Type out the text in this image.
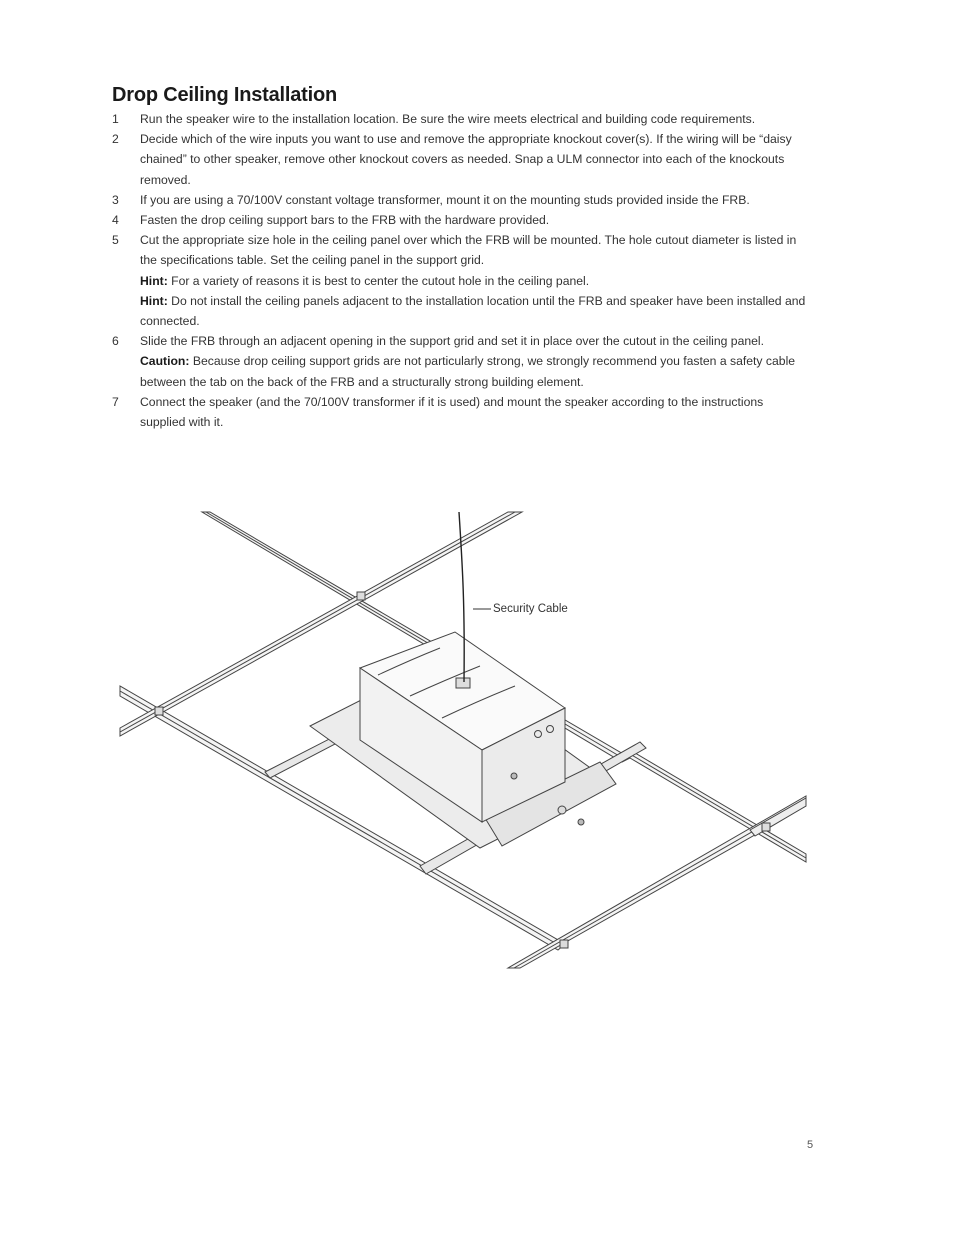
Drop Ceiling Installation
1	Run the speaker wire to the installation location. Be sure the wire meets electrical and building code requirements.
2	Decide which of the wire inputs you want to use and remove the appropriate knockout cover(s). If the wiring will be “daisy chained” to other speaker, remove other knockout covers as needed. Snap a ULM connector into each of the knockouts removed.
3	If you are using a 70/100V constant voltage transformer, mount it on the mounting studs provided inside the FRB.
4	Fasten the drop ceiling support bars to the FRB with the hardware provided.
5	Cut the appropriate size hole in the ceiling panel over which the FRB will be mounted. The hole cutout diameter is listed in the specifications table. Set the ceiling panel in the support grid.
Hint: For a variety of reasons it is best to center the cutout hole in the ceiling panel.
Hint: Do not install the ceiling panels adjacent to the installation location until the FRB and speaker have been installed and connected.
6	Slide the FRB through an adjacent opening in the support grid and set it in place over the cutout in the ceiling panel.
Caution: Because drop ceiling support grids are not particularly strong, we strongly recommend you fasten a safety cable between the tab on the back of the FRB and a structurally strong building element.
7	Connect the speaker (and the 70/100V transformer if it is used) and mount the speaker according to the instructions supplied with it.
Security Cable
5
